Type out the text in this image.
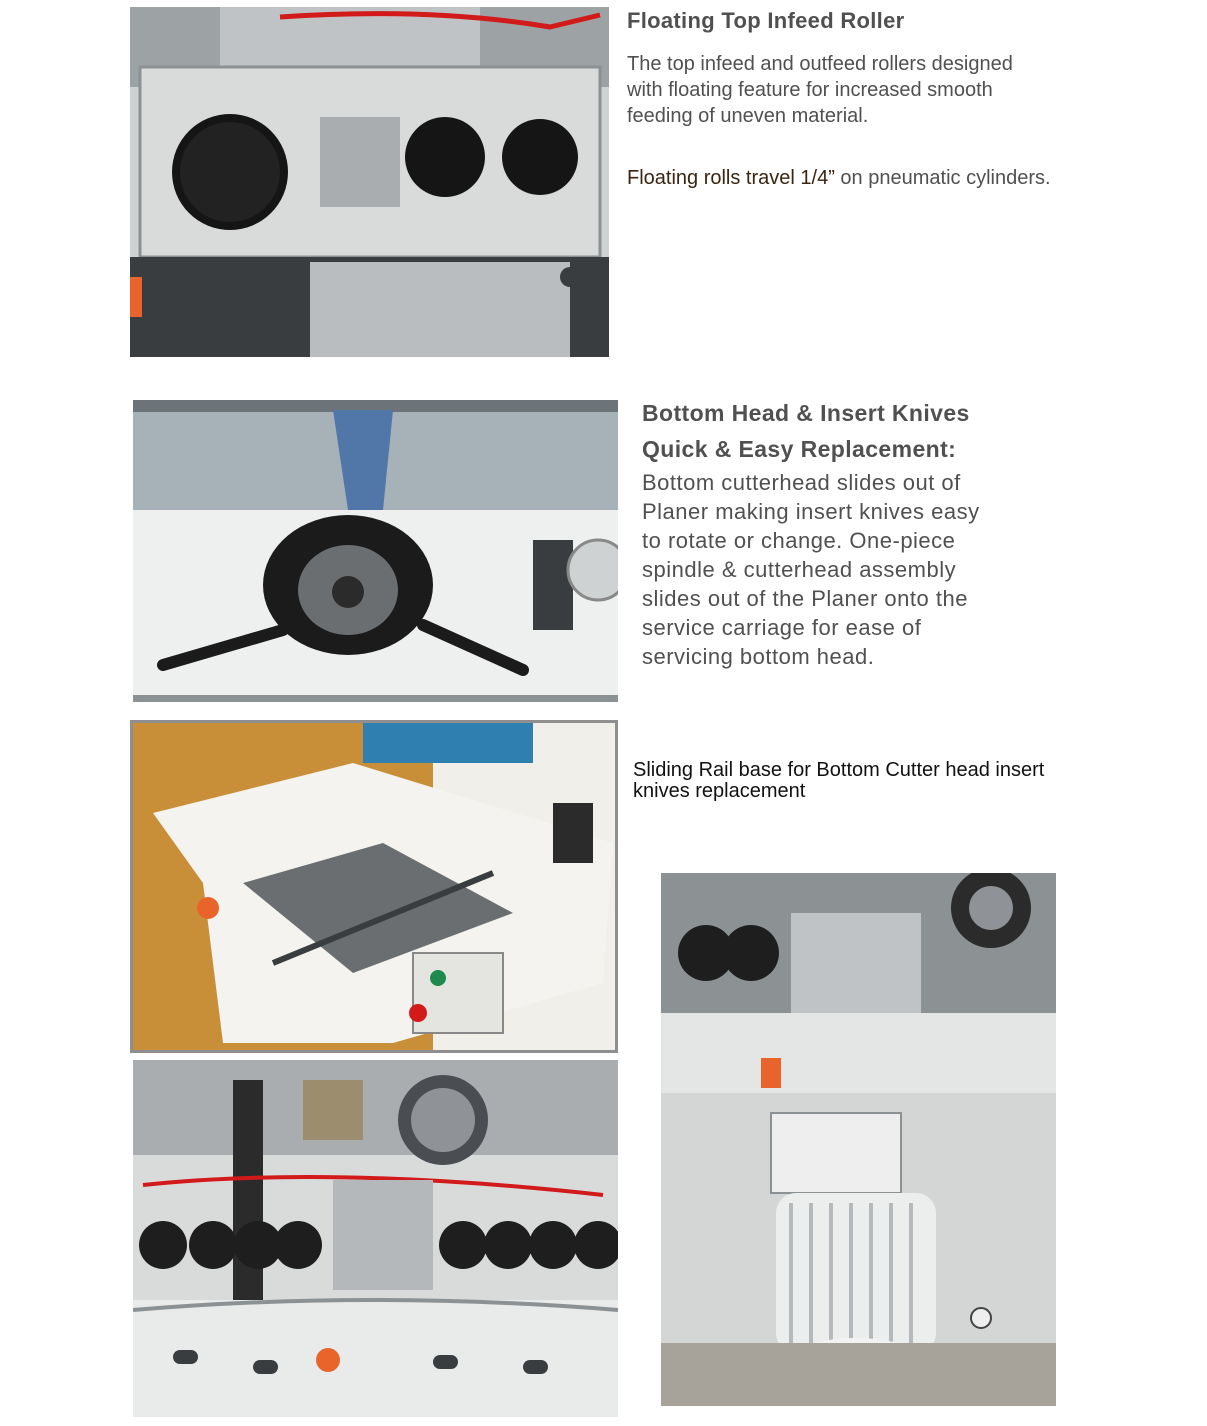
Floating Top Infeed Roller

The top infeed and outfeed rollers designed with floating feature for increased smooth feeding of uneven material.

Floating rolls travel 1/4” on pneumatic cylinders.

Bottom Head & Insert Knives
Quick & Easy Replacement:

Bottom cutterhead slides out of Planer making insert knives easy to rotate or change. One-piece spindle & cutterhead assembly slides out of the Planer onto the service carriage for ease of servicing bottom head.

Sliding Rail base for Bottom Cutter head insert knives replacement
